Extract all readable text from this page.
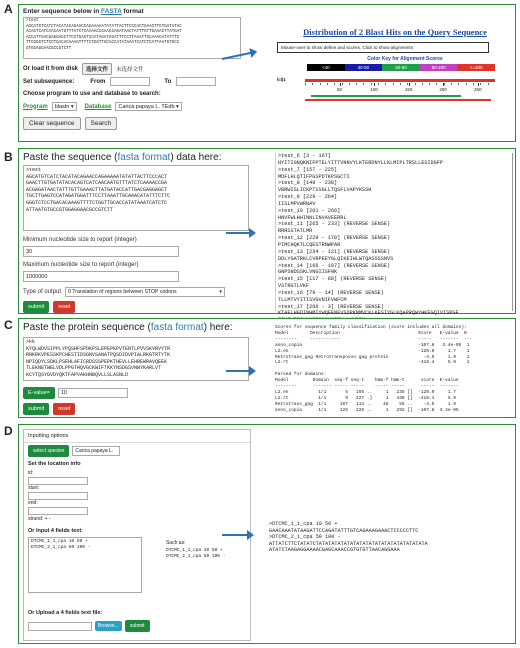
A Enter sequence below in FASTA format
>test
AGCATGTCATCTACATACAGAACCAGAAAAATATATTACTTCCCACTGAACTTGTGATATAC
ACAGTCATCAACAATGTTTATCTCAAAACCGAACGAGATAACTATTTGTTGAAACTTATGAT
ACCATTGACGAGGAGCTTCCTGAGTCCATAGATGGATTTCCTTAAATTGCAAACATATTTC
TTCGGGTCTCCTGACACAAAGTTTTCTGGTTGCACCATATAAATCATCTCATTAATGTGCC
GTGGAGGAACGCCGTCTT
Or load it from disk	选择文件	未选择文件
Set subsequence:	From	To
Choose program to use and database to search:
Program	blastn ▾	Database	Carica papaya L. TEdb ▾
Clear sequence	Search
Distribution of 2 Blast Hits on the Query Sequence
Mouse-over to show define and scores. Click to show alignments
Color Key for Alignment Scores
<40	40-50	50-80	80-200	>=200
lcl|1
50	100	150	200	250
B Paste the sequence (fasta format) data here:
>test
AGCATGTCATCTACATACAGAACCAGAAAAATATATTACTTCCCACT
GAACTTGTGATATACACAGTCATCAACAATGTTTATCTCAAAACCGA
ACGAGATAACTATTTGTTGAAACTTATGATACCATTGACGAGGAGCT
TGCTTGAGTCCATAGATGGATTTCCTTAAATTGCAAACATATTTCTTC
GGGTCTCCTGACACAAAGTTTTCTGGTTGCACCATATAAATCATCTC
ATTAATGTGCCGTGGAGGAACGCCGTCTT
Minimum nucleotide size to report (integer)
30
Maximum nucleotide size to report (integer)
1000000
Type of output 0 Translation of regions between STOP codons	▾
submit	reset
>test_6 [3 - 167]
HYITIGNQKNIFPTELYITTVNNVYLKTERDNYLLKLMIPLTRSLLESIDGFP
>test_7 [157 - 225]
MDFLHLQTIFPGSPDTKPSGCTI
>test_8 [149 - 238]
VBRWISLICKPTSSGLLTQSFLVAPYKSSH
>test_9 [229 - 264]
IISLMPVWRNAV
>test_10 [201 - 266]
HNVFWLHHINNLINVAVEERRL
>test_11 [265 - 233] (REVERSE SENSE)
RRRSSTATLMR
>test_12 [229 - 170] (REVERSE SENSE)
PIMCHQKTLCQESTRNWPAN
>test_13 [234 - 121] (REVERSE SENSE)
DDLYGATRKLCVRPEEYGLQIKEIHLWTQASSSSNVS
>test_14 [166 - 107] (REVERSE SENSE)
GNPSNDSSKLVNGIISFNK
>test_15 [117 - 88] (REVERSE SENSE)
VSTRGTLVKF
>test_16 [79 - 14] (REVERSE SENSE)
TLLMTVYITISVGVNIFVWFCM
>test_17 [266 - 3] (REVERSE SENSE)
KTAFLHGDINHMIYWQFENFVSDPKNMVCKLKESIYGLKQAPRQWYHKFGQIVISPGF

C Paste the protein sequence (fasta format) here:
>kk
KYQLWDVSIPPLYPQSHFSPDKPSLEPEPKPVTENTLPVVSKVRVYTR
RNKRKVPESSKPCHESTIDSGNVSANATPQSDIDVPIALRKGTRTYTK
NPIQDYLSDKLPSEHLAFICRDSSSPEPKTHEVLLEHREWRAVQEEK
TLEKNETWELVDLPPGTHQVGCKWIFTKKYNSDGSVNWYKARLVT
KCYTQSYGVDYQKTFAPVAKHNBQVLLSLASNLD
E-value=	10
submit	reset
Scores for sequence family classification (score includes all domains):
Model        Description                             Score   E-value  N
--------     -----------                             -----   -------  ---
anno_copia                                           -107.6   3.4e-05  1
L2.en                                                -120.9     1.7    1
Retrotrans_gag Retrotransposon gag protein             -4.5     1.9    1
L2.rt                                                -418.4     5.9    1

Parsed for domains:
Model         Domain  seq-f seq-t    hmm-f hmm-t      score  E-value
--------      ------- ----- -----    ----- -----      -----  -------
L2.en           1/1       5   155 ..     1   235 []  -120.9     1.7
L2.rt           1/1       9   227 .]     1   439 []  -418.4     5.9
Retrotrans_gag  1/1     107   114 ..    48    55 ..    -4.5     1.9
anno_copia      1/1     126   226 ..     1   292 []  -107.6  3.4e-05
D	Inputting options
select species	Carica papaya L.
Set the location info
id:
start:
end:
strand: + -
Or Input 4 fields text:
DTCMC_1_1_cpa 10 50 +
DTCMC_2_1_cpa 50 100 -
Such as:
DTCMC_1_1_cpa 10 50 +
DTCMC_2_1_cpa 50 100 -
Or Upload a 4 fields text file:
Browse...	submit
>DTCMC_1_1_cpa 10 50 +
GAACAAATATAAGATTCCAGATATTTGTCAGAAAGAAACTCCCCCTTC
>DTCMC_2_1_cpa 50 100 -
ATTATCTTCTATATCTATATATATATATATATATATATATATATATATATA
ATATCTAAGAGGAAAACGAGCAAACCGTGTGTTAACAGGAAA
